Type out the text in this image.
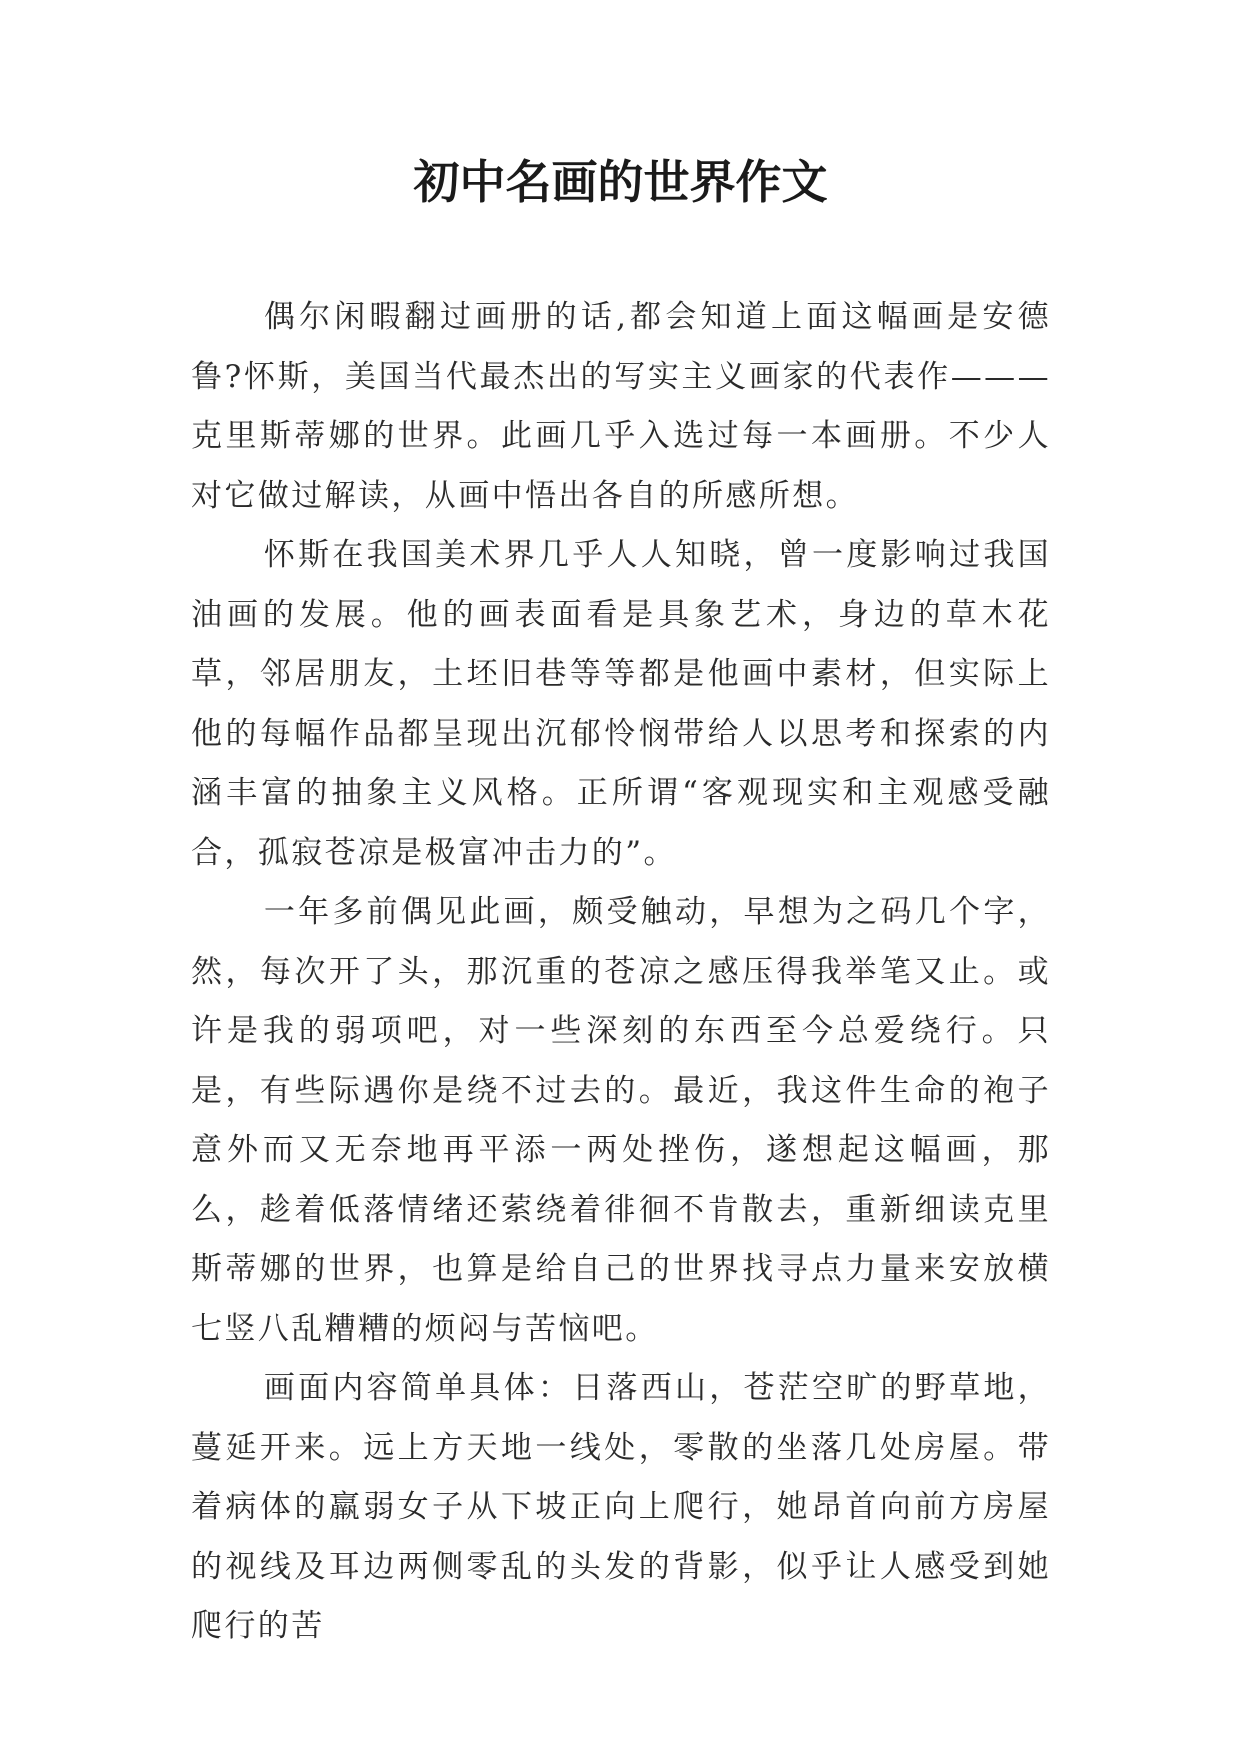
初中名画的世界作文

偶尔闲暇翻过画册的话,都会知道上面这幅画是安德鲁?怀斯，美国当代最杰出的写实主义画家的代表作———克里斯蒂娜的世界。此画几乎入选过每一本画册。不少人对它做过解读，从画中悟出各自的所感所想。

怀斯在我国美术界几乎人人知晓，曾一度影响过我国油画的发展。他的画表面看是具象艺术，身边的草木花草，邻居朋友，土坯旧巷等等都是他画中素材，但实际上他的每幅作品都呈现出沉郁怜悯带给人以思考和探索的内涵丰富的抽象主义风格。正所谓“客观现实和主观感受融合，孤寂苍凉是极富冲击力的”。

一年多前偶见此画，颇受触动，早想为之码几个字，然，每次开了头，那沉重的苍凉之感压得我举笔又止。或许是我的弱项吧，对一些深刻的东西至今总爱绕行。只是，有些际遇你是绕不过去的。最近，我这件生命的袍子意外而又无奈地再平添一两处挫伤，遂想起这幅画，那么，趁着低落情绪还萦绕着徘徊不肯散去，重新细读克里斯蒂娜的世界，也算是给自己的世界找寻点力量来安放横七竖八乱糟糟的烦闷与苦恼吧。

画面内容简单具体：日落西山，苍茫空旷的野草地，蔓延开来。远上方天地一线处，零散的坐落几处房屋。带着病体的羸弱女子从下坡正向上爬行，她昂首向前方房屋的视线及耳边两侧零乱的头发的背影，似乎让人感受到她爬行的苦
